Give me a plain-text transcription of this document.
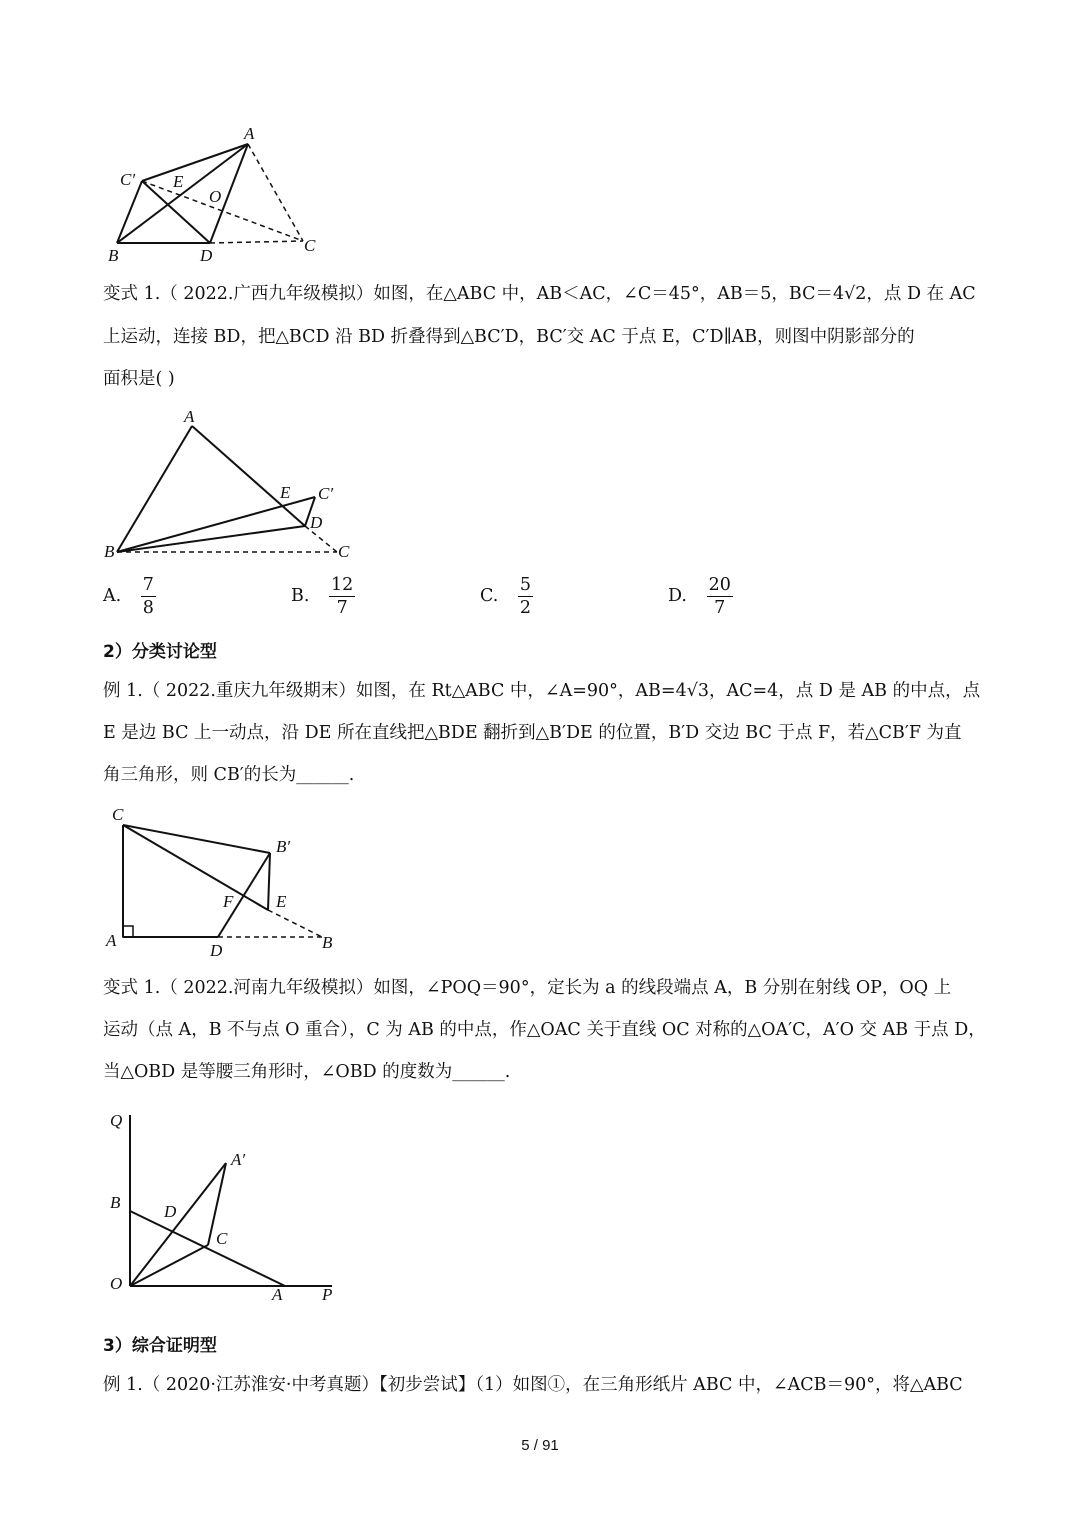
A
C′ E
O
B	D
C
变式 1.（ 2022.广西九年级模拟）如图，在△ABC 中，AB＜AC，∠C＝45°，AB＝5，BC＝4√2，点 D 在 AC
上运动，连接 BD，把△BCD 沿 BD 折叠得到△BC′D，BC′交 AC 于点 E，C′D∥AB，则图中阴影部分的
面积是( )
A
E C′
D
B	C
A. $\frac{7}{8}$	B. $\frac{12}{7}$	C. $\frac{5}{2}$	D. $\frac{20}{7}$
2）分类讨论型
例 1.（ 2022.重庆九年级期末）如图，在 Rt△ABC 中，∠A=90°，AB=4√3，AC=4，点 D 是 AB 的中点，点
E 是边 BC 上一动点，沿 DE 所在直线把△BDE 翻折到△B′DE 的位置，B′D 交边 BC 于点 F，若△CB′F 为直
角三角形，则 CB′的长为______.
C
B′
F	E
A
D	B
变式 1.（ 2022.河南九年级模拟）如图，∠POQ＝90°，定长为 a 的线段端点 A，B 分别在射线 OP，OQ 上
运动（点 A，B 不与点 O 重合），C 为 AB 的中点，作△OAC 关于直线 OC 对称的△OA′C，A′O 交 AB 于点 D，
当△OBD 是等腰三角形时，∠OBD 的度数为______.
Q
A′
B	D
C
O
A P
3）综合证明型
例 1.（ 2020·江苏淮安·中考真题）【初步尝试】（1）如图①，在三角形纸片 ABC 中，∠ACB＝90°，将△ABC
5 / 91
